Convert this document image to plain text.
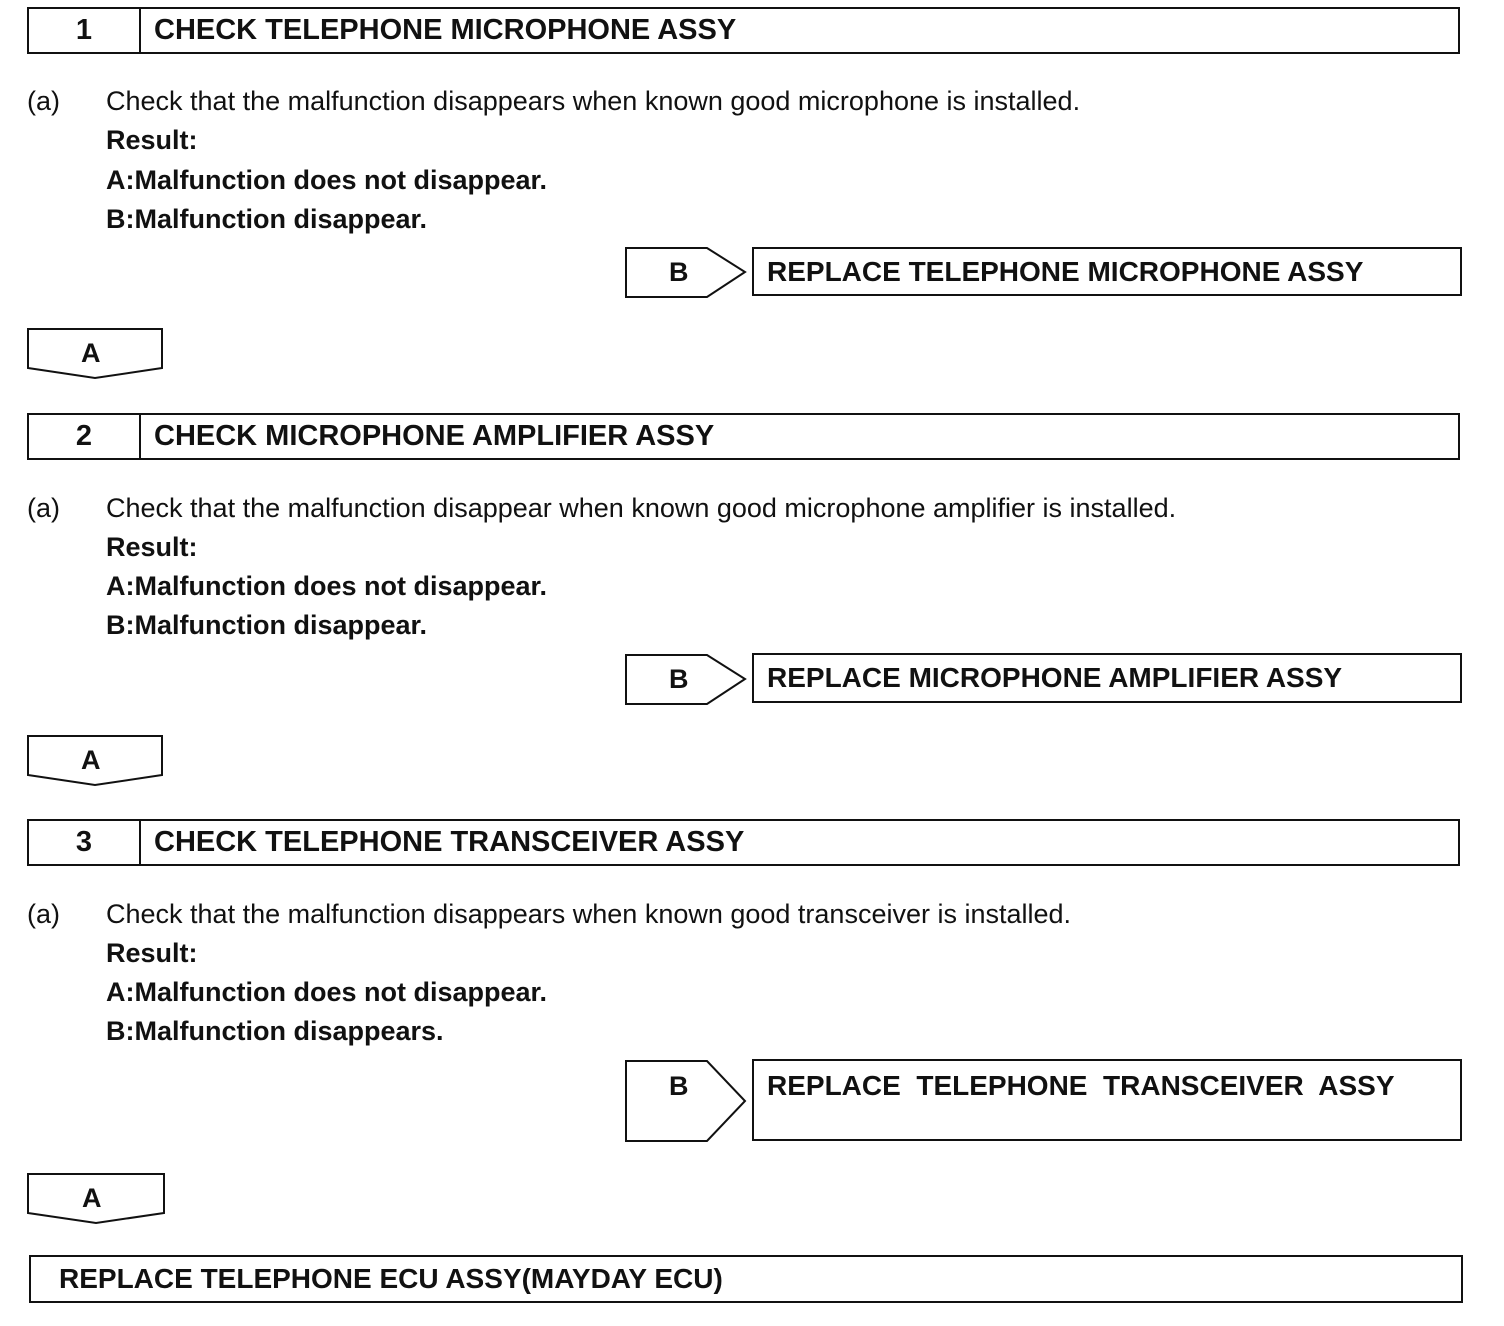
1	CHECK TELEPHONE MICROPHONE ASSY
(a) Check that the malfunction disappears when known good microphone is installed.
Result:
A:Malfunction does not disappear.
B:Malfunction disappear.
B	REPLACE TELEPHONE MICROPHONE ASSY
A
2	CHECK MICROPHONE AMPLIFIER ASSY
(a) Check that the malfunction disappear when known good microphone amplifier is installed.
Result:
A:Malfunction does not disappear.
B:Malfunction disappear.
B	REPLACE MICROPHONE AMPLIFIER ASSY
A
3	CHECK TELEPHONE TRANSCEIVER ASSY
(a) Check that the malfunction disappears when known good transceiver is installed.
Result:
A:Malfunction does not disappear.
B:Malfunction disappears.
B	REPLACE  TELEPHONE  TRANSCEIVER  ASSY
A
REPLACE TELEPHONE ECU ASSY(MAYDAY ECU)
